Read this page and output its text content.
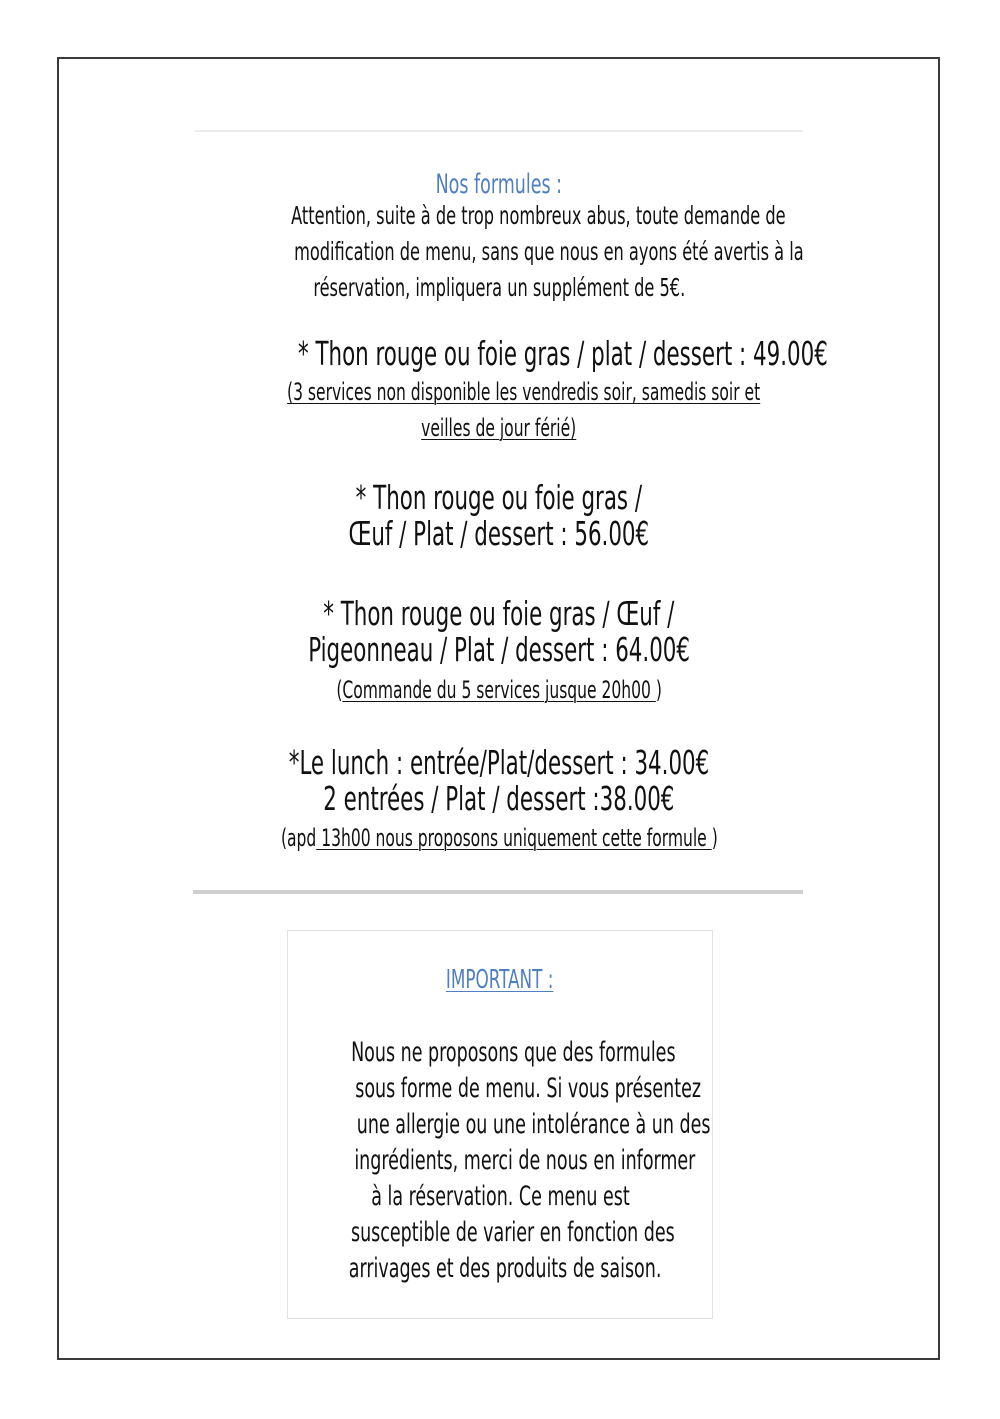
Nos formules :
Attention, suite à de trop nombreux abus, toute demande de
modification de menu, sans que nous en ayons été avertis à la
réservation, impliquera un supplément de 5€.
* Thon rouge ou foie gras / plat / dessert : 49.00€
(3 services non disponible les vendredis soir, samedis soir et
veilles de jour férié)
* Thon rouge ou foie gras /
Œuf / Plat / dessert : 56.00€
* Thon rouge ou foie gras / Œuf /
Pigeonneau / Plat / dessert : 64.00€
(Commande du 5 services jusque 20h00 )
*Le lunch : entrée/Plat/dessert : 34.00€
2 entrées / Plat / dessert :38.00€
(apd 13h00 nous proposons uniquement cette formule )
IMPORTANT :
Nous ne proposons que des formules
sous forme de menu. Si vous présentez
une allergie ou une intolérance à un des
ingrédients, merci de nous en informer
à la réservation. Ce menu est
susceptible de varier en fonction des
arrivages et des produits de saison.
